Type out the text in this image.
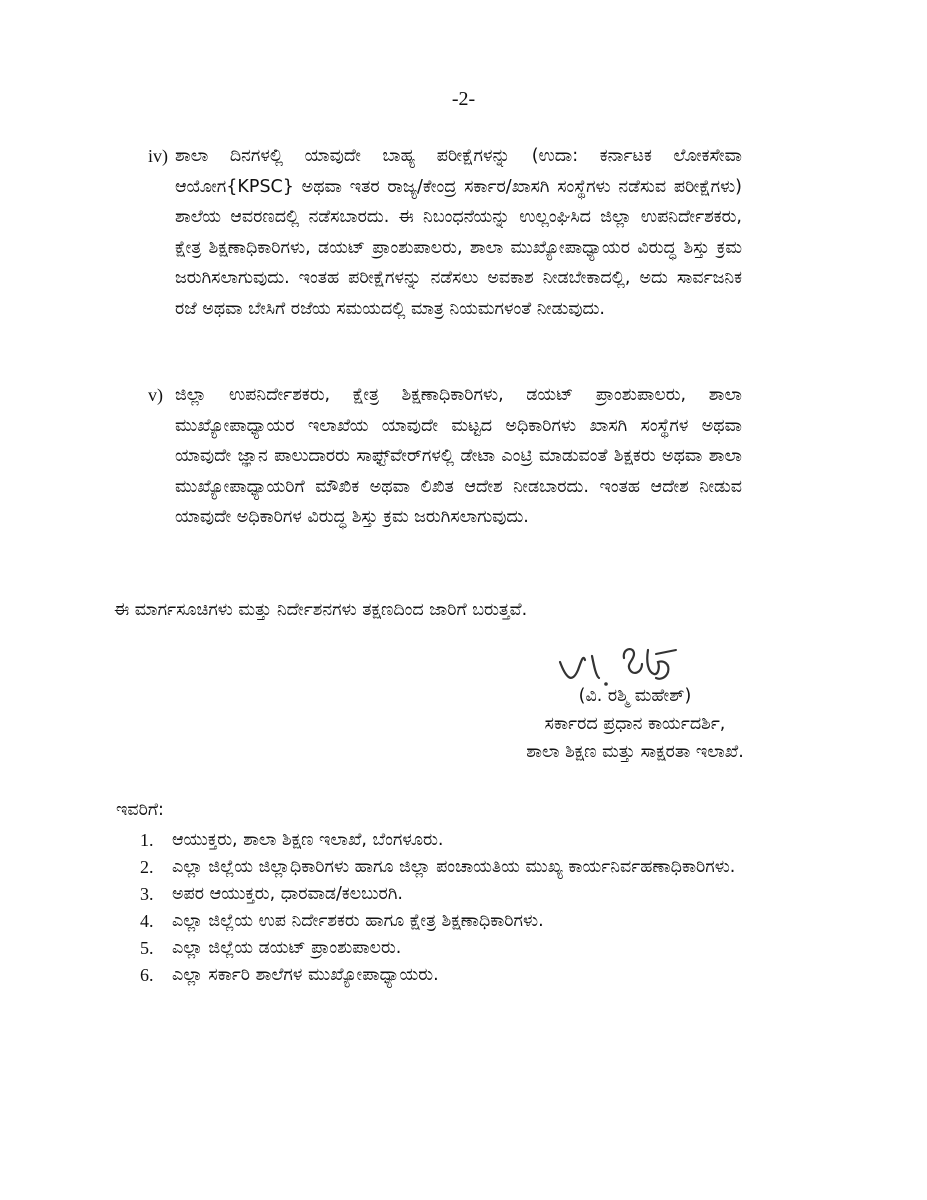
-2-
iv) ಶಾಲಾ ದಿನಗಳಲ್ಲಿ ಯಾವುದೇ ಬಾಹ್ಯ ಪರೀಕ್ಷೆಗಳನ್ನು (ಉದಾ: ಕರ್ನಾಟಕ ಲೋಕಸೇವಾ ಆಯೋಗ{KPSC} ಅಥವಾ ಇತರ ರಾಜ್ಯ/ಕೇಂದ್ರ ಸರ್ಕಾರ/ಖಾಸಗಿ ಸಂಸ್ಥೆಗಳು ನಡೆಸುವ ಪರೀಕ್ಷೆಗಳು) ಶಾಲೆಯ ಆವರಣದಲ್ಲಿ ನಡೆಸಬಾರದು. ಈ ನಿಬಂಧನೆಯನ್ನು ಉಲ್ಲಂಘಿಸಿದ ಜಿಲ್ಲಾ ಉಪನಿರ್ದೇಶಕರು, ಕ್ಷೇತ್ರ ಶಿಕ್ಷಣಾಧಿಕಾರಿಗಳು, ಡಯಟ್ ಪ್ರಾಂಶುಪಾಲರು, ಶಾಲಾ ಮುಖ್ಯೋಪಾಧ್ಯಾಯರ ವಿರುದ್ಧ ಶಿಸ್ತು ಕ್ರಮ ಜರುಗಿಸಲಾಗುವುದು. ಇಂತಹ ಪರೀಕ್ಷೆಗಳನ್ನು ನಡೆಸಲು ಅವಕಾಶ ನೀಡಬೇಕಾದಲ್ಲಿ, ಅದು ಸಾರ್ವಜನಿಕ ರಜೆ ಅಥವಾ ಬೇಸಿಗೆ ರಜೆಯ ಸಮಯದಲ್ಲಿ ಮಾತ್ರ ನಿಯಮಗಳಂತೆ ನೀಡುವುದು.
v) ಜಿಲ್ಲಾ ಉಪನಿರ್ದೇಶಕರು, ಕ್ಷೇತ್ರ ಶಿಕ್ಷಣಾಧಿಕಾರಿಗಳು, ಡಯಟ್ ಪ್ರಾಂಶುಪಾಲರು, ಶಾಲಾ ಮುಖ್ಯೋಪಾಧ್ಯಾಯರ ಇಲಾಖೆಯ ಯಾವುದೇ ಮಟ್ಟದ ಅಧಿಕಾರಿಗಳು ಖಾಸಗಿ ಸಂಸ್ಥೆಗಳ ಅಥವಾ ಯಾವುದೇ ಜ್ಞಾನ ಪಾಲುದಾರರು ಸಾಫ್ಟ್‌ವೇರ್‌ಗಳಲ್ಲಿ ಡೇಟಾ ಎಂಟ್ರಿ ಮಾಡುವಂತೆ ಶಿಕ್ಷಕರು ಅಥವಾ ಶಾಲಾ ಮುಖ್ಯೋಪಾಧ್ಯಾಯರಿಗೆ ಮೌಖಿಕ ಅಥವಾ ಲಿಖಿತ ಆದೇಶ ನೀಡಬಾರದು. ಇಂತಹ ಆದೇಶ ನೀಡುವ ಯಾವುದೇ ಅಧಿಕಾರಿಗಳ ವಿರುದ್ಧ ಶಿಸ್ತು ಕ್ರಮ ಜರುಗಿಸಲಾಗುವುದು.
ಈ ಮಾರ್ಗಸೂಚಿಗಳು ಮತ್ತು ನಿರ್ದೇಶನಗಳು ತಕ್ಷಣದಿಂದ ಜಾರಿಗೆ ಬರುತ್ತವೆ.
(ವಿ. ರಶ್ಮಿ ಮಹೇಶ್)
ಸರ್ಕಾರದ ಪ್ರಧಾನ ಕಾರ್ಯದರ್ಶಿ,
ಶಾಲಾ ಶಿಕ್ಷಣ ಮತ್ತು ಸಾಕ್ಷರತಾ ಇಲಾಖೆ.
ಇವರಿಗೆ:
1. ಆಯುಕ್ತರು, ಶಾಲಾ ಶಿಕ್ಷಣ ಇಲಾಖೆ, ಬೆಂಗಳೂರು.
2. ಎಲ್ಲಾ ಜಿಲ್ಲೆಯ ಜಿಲ್ಲಾಧಿಕಾರಿಗಳು ಹಾಗೂ ಜಿಲ್ಲಾ ಪಂಚಾಯತಿಯ ಮುಖ್ಯ ಕಾರ್ಯನಿರ್ವಹಣಾಧಿಕಾರಿಗಳು.
3. ಅಪರ ಆಯುಕ್ತರು, ಧಾರವಾಡ/ಕಲಬುರಗಿ.
4. ಎಲ್ಲಾ ಜಿಲ್ಲೆಯ ಉಪ ನಿರ್ದೇಶಕರು ಹಾಗೂ ಕ್ಷೇತ್ರ ಶಿಕ್ಷಣಾಧಿಕಾರಿಗಳು.
5. ಎಲ್ಲಾ ಜಿಲ್ಲೆಯ ಡಯಟ್ ಪ್ರಾಂಶುಪಾಲರು.
6. ಎಲ್ಲಾ ಸರ್ಕಾರಿ ಶಾಲೆಗಳ ಮುಖ್ಯೋಪಾಧ್ಯಾಯರು.
